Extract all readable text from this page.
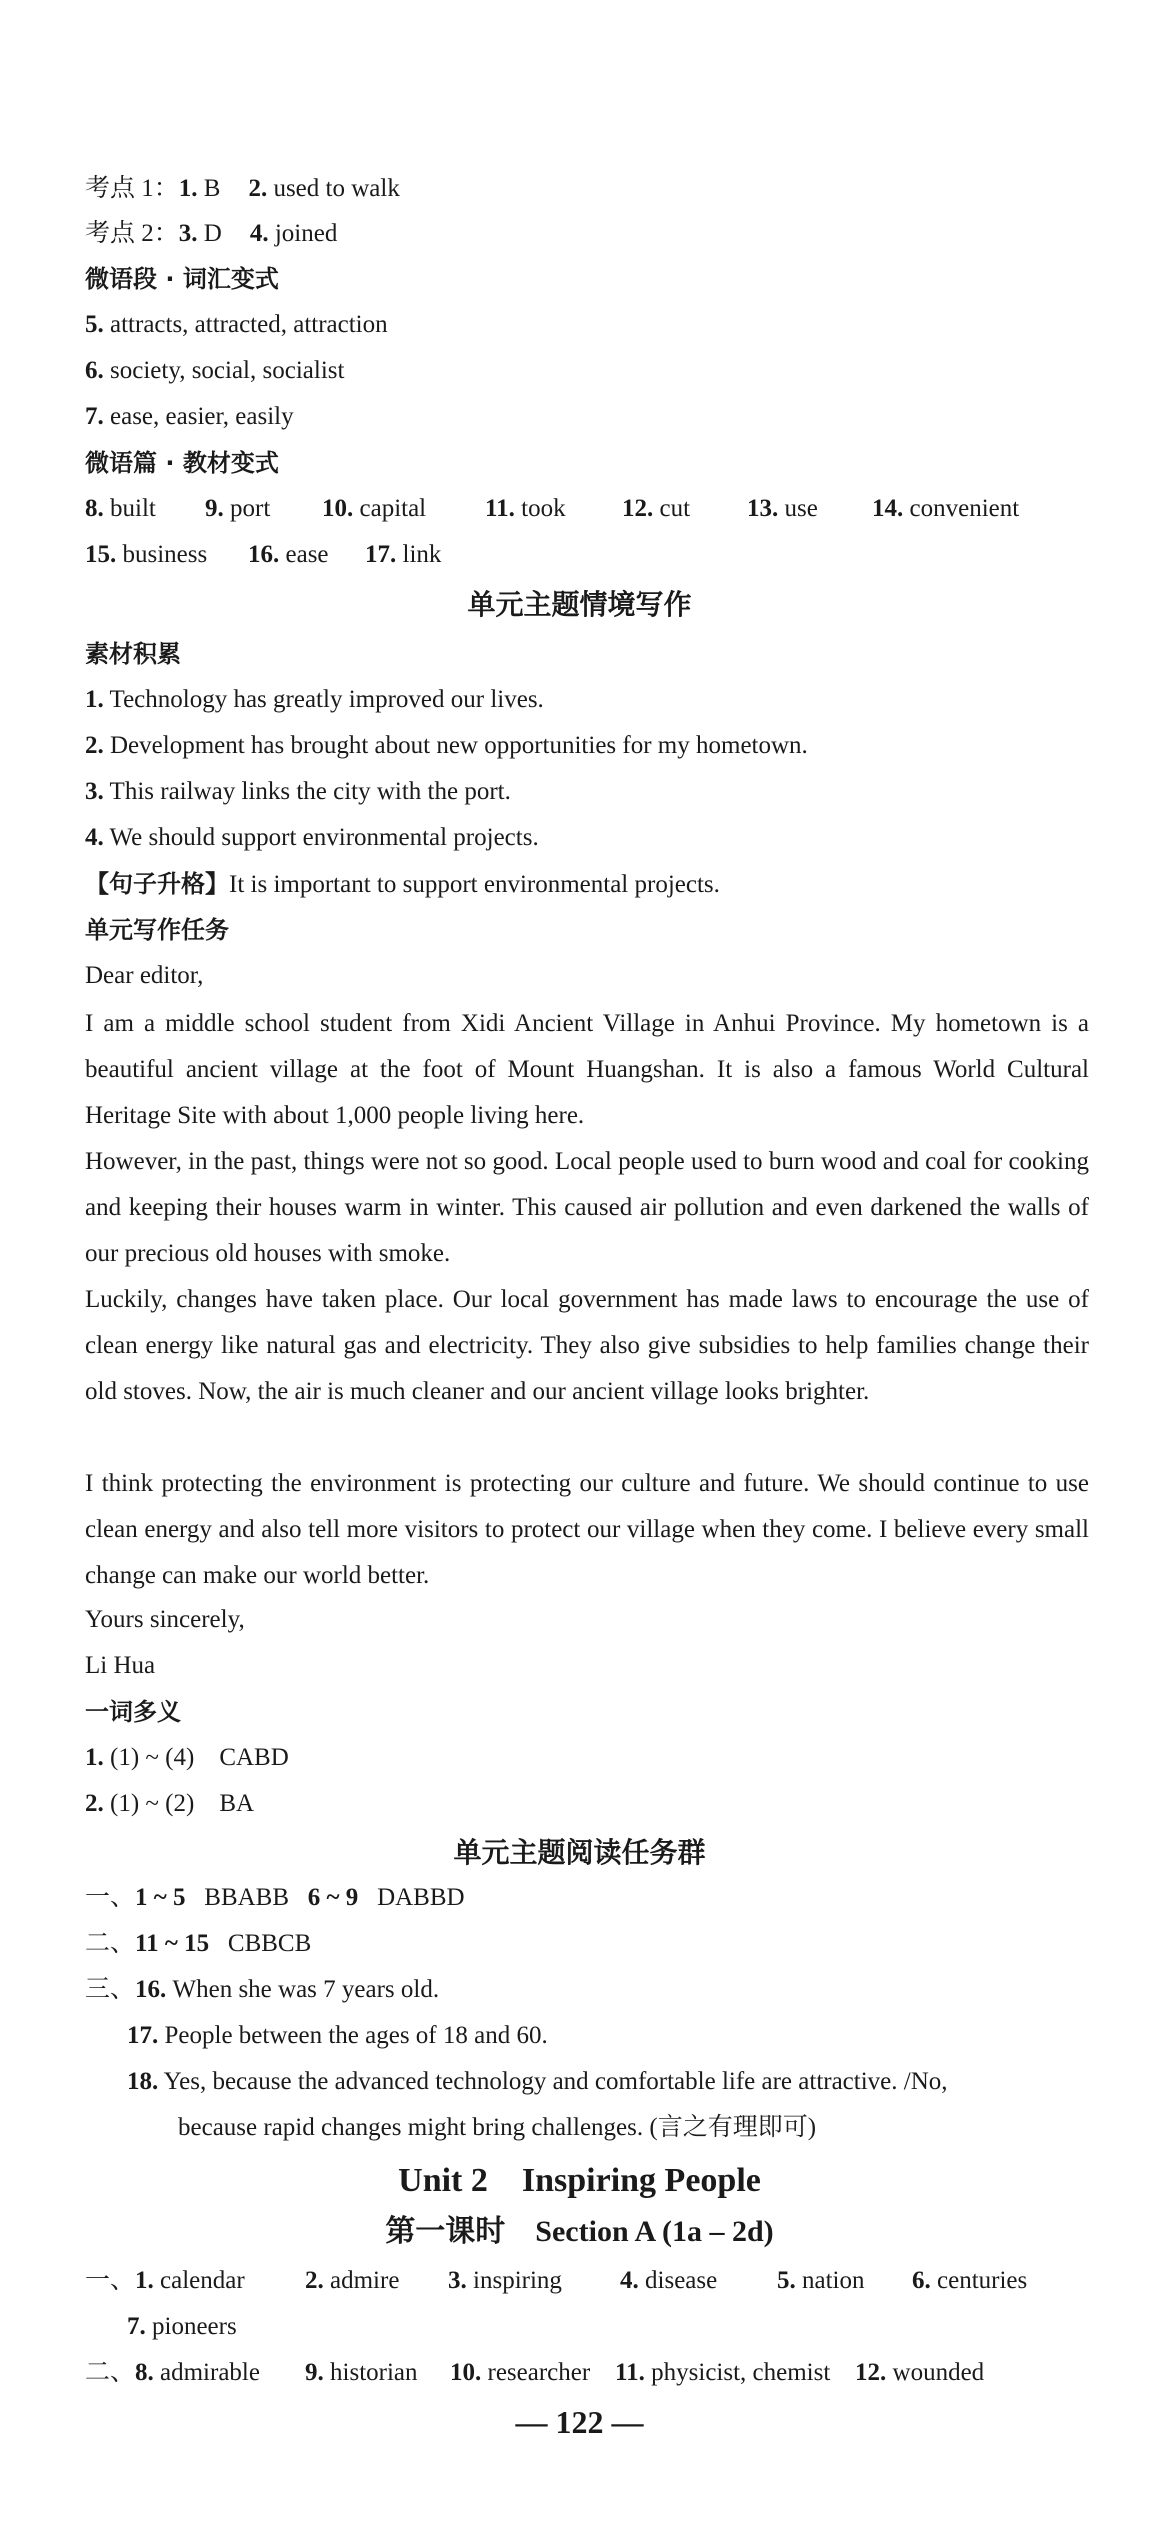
考点 1：1. B 2. used to walk
考点 2：3. D 4. joined
微语段 · 词汇变式
5. attracts, attracted, attraction
6. society, social, socialist
7. ease, easier, easily
微语篇 · 教材变式
8. built 9. port 10. capital 11. took 12. cut 13. use 14. convenient
15. business 16. ease 17. link
单元主题情境写作
素材积累
1. Technology has greatly improved our lives.
2. Development has brought about new opportunities for my hometown.
3. This railway links the city with the port.
4. We should support environmental projects.
【句子升格】It is important to support environmental projects.
单元写作任务
Dear editor,
I am a middle school student from Xidi Ancient Village in Anhui Province. My hometown is a beautiful ancient village at the foot of Mount Huangshan. It is also a famous World Cultural Heritage Site with about 1,000 people living here.
However, in the past, things were not so good. Local people used to burn wood and coal for cooking and keeping their houses warm in winter. This caused air pollution and even darkened the walls of our precious old houses with smoke.
Luckily, changes have taken place. Our local government has made laws to encourage the use of clean energy like natural gas and electricity. They also give subsidies to help families change their old stoves. Now, the air is much cleaner and our ancient village looks brighter.
I think protecting the environment is protecting our culture and future. We should continue to use clean energy and also tell more visitors to protect our village when they come. I believe every small change can make our world better.
Yours sincerely,
Li Hua
一词多义
1. (1) ~ (4)    CABD
2. (1) ~ (2)    BA
单元主题阅读任务群
一、1 ~ 5   BBABB   6 ~ 9   DABBD
二、11 ~ 15   CBBCB
三、16. When she was 7 years old.
17. People between the ages of 18 and 60.
18. Yes, because the advanced technology and comfortable life are attractive. /No,
because rapid changes might bring challenges. (言之有理即可)
Unit 2    Inspiring People
第一课时    Section A (1a – 2d)
一、1. calendar 2. admire 3. inspiring 4. disease 5. nation 6. centuries
7. pioneers
二、8. admirable 9. historian 10. researcher 11. physicist, chemist 12. wounded
— 122 —
